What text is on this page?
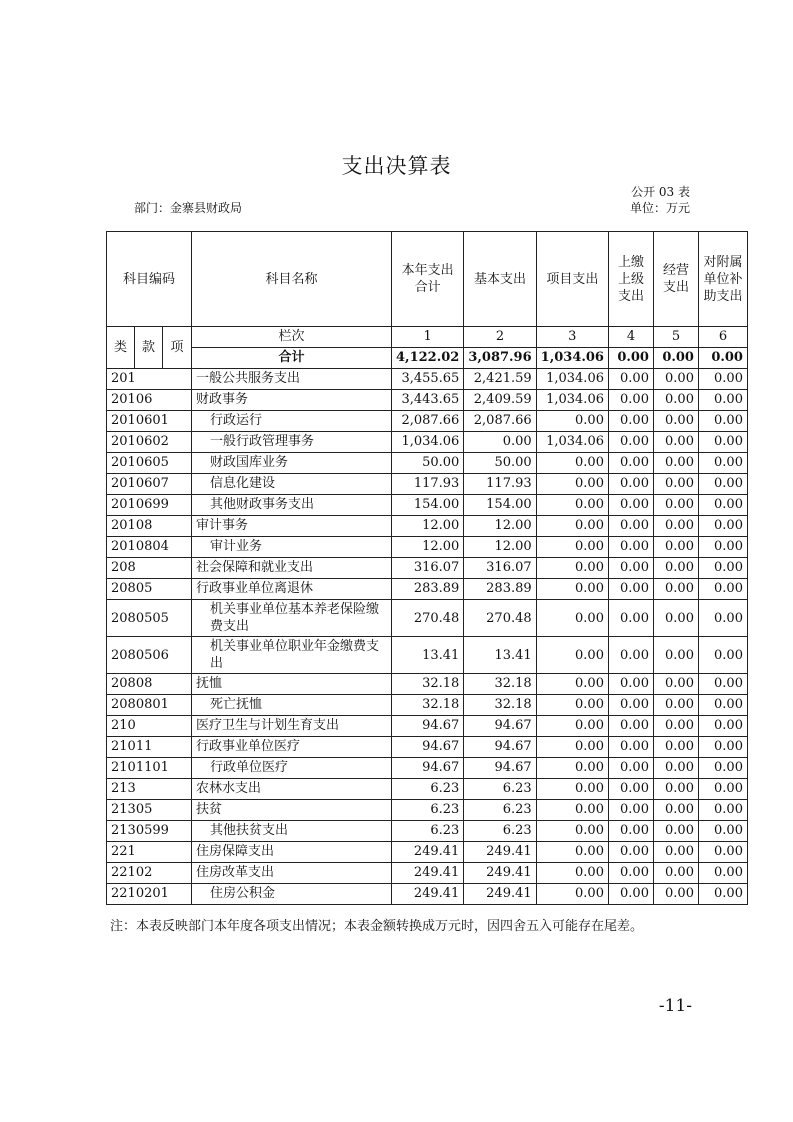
支出决算表
公开 03 表
部门：金寨县财政局	单位：万元
科目编码			科目名称	本年支出合计	基本支出	项目支出	上缴上级支出	经营支出	对附属单位补助支出
类	款	项	栏次	1	2	3	4	5	6
			合计	4,122.02	3,087.96	1,034.06	0.00	0.00	0.00
201			一般公共服务支出	3,455.65	2,421.59	1,034.06	0.00	0.00	0.00
20106			财政事务	3,443.65	2,409.59	1,034.06	0.00	0.00	0.00
2010601			行政运行	2,087.66	2,087.66	0.00	0.00	0.00	0.00
2010602			一般行政管理事务	1,034.06	0.00	1,034.06	0.00	0.00	0.00
2010605			财政国库业务	50.00	50.00	0.00	0.00	0.00	0.00
2010607			信息化建设	117.93	117.93	0.00	0.00	0.00	0.00
2010699			其他财政事务支出	154.00	154.00	0.00	0.00	0.00	0.00
20108			审计事务	12.00	12.00	0.00	0.00	0.00	0.00
2010804			审计业务	12.00	12.00	0.00	0.00	0.00	0.00
208			社会保障和就业支出	316.07	316.07	0.00	0.00	0.00	0.00
20805			行政事业单位离退休	283.89	283.89	0.00	0.00	0.00	0.00
2080505			机关事业单位基本养老保险缴费支出	270.48	270.48	0.00	0.00	0.00	0.00
2080506			机关事业单位职业年金缴费支出	13.41	13.41	0.00	0.00	0.00	0.00
20808			抚恤	32.18	32.18	0.00	0.00	0.00	0.00
2080801			死亡抚恤	32.18	32.18	0.00	0.00	0.00	0.00
210			医疗卫生与计划生育支出	94.67	94.67	0.00	0.00	0.00	0.00
21011			行政事业单位医疗	94.67	94.67	0.00	0.00	0.00	0.00
2101101			行政单位医疗	94.67	94.67	0.00	0.00	0.00	0.00
213			农林水支出	6.23	6.23	0.00	0.00	0.00	0.00
21305			扶贫	6.23	6.23	0.00	0.00	0.00	0.00
2130599			其他扶贫支出	6.23	6.23	0.00	0.00	0.00	0.00
221			住房保障支出	249.41	249.41	0.00	0.00	0.00	0.00
22102			住房改革支出	249.41	249.41	0.00	0.00	0.00	0.00
2210201			住房公积金	249.41	249.41	0.00	0.00	0.00	0.00
注：本表反映部门本年度各项支出情况；本表金额转换成万元时，因四舍五入可能存在尾差。
-11-
